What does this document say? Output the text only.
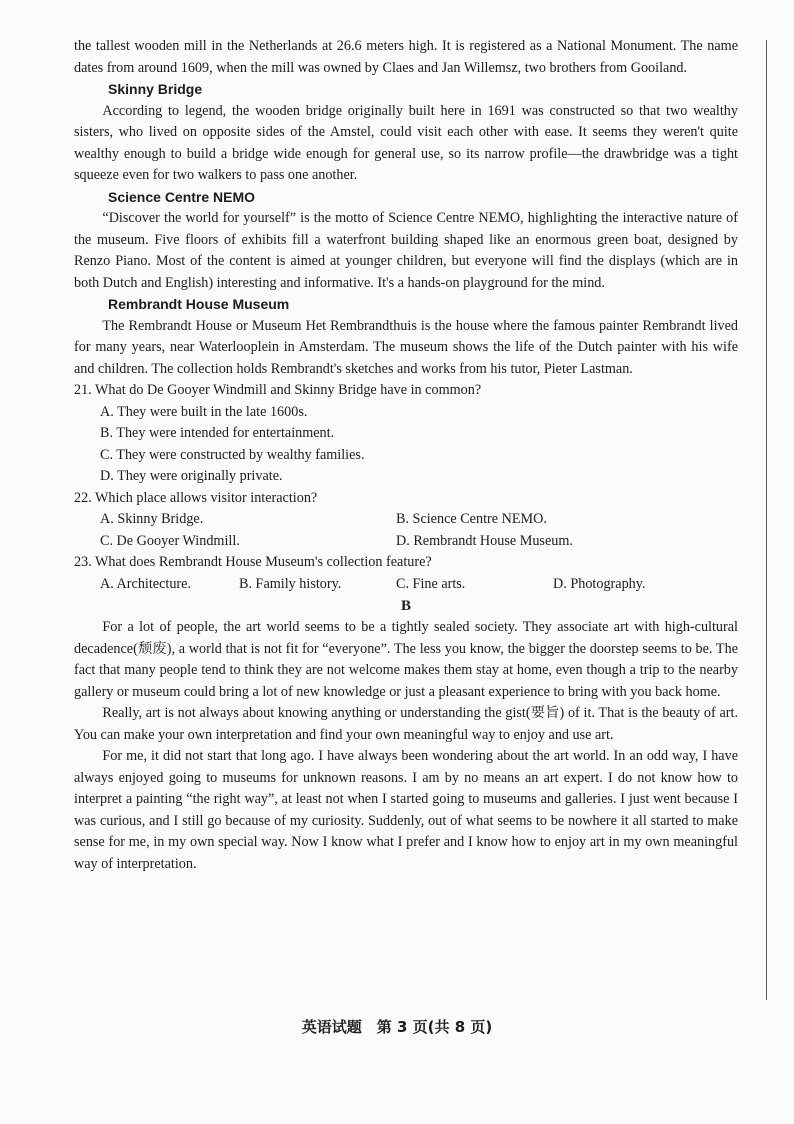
the tallest wooden mill in the Netherlands at 26.6 meters high. It is registered as a National Monument. The name dates from around 1609, when the mill was owned by Claes and Jan Willemsz, two brothers from Gooiland.

Skinny Bridge

According to legend, the wooden bridge originally built here in 1691 was constructed so that two wealthy sisters, who lived on opposite sides of the Amstel, could visit each other with ease. It seems they weren't quite wealthy enough to build a bridge wide enough for general use, so its narrow profile—the drawbridge was a tight squeeze even for two walkers to pass one another.

Science Centre NEMO

“Discover the world for yourself” is the motto of Science Centre NEMO, highlighting the interactive nature of the museum. Five floors of exhibits fill a waterfront building shaped like an enormous green boat, designed by Renzo Piano. Most of the content is aimed at younger children, but everyone will find the displays (which are in both Dutch and English) interesting and informative. It's a hands-on playground for the mind.

Rembrandt House Museum

The Rembrandt House or Museum Het Rembrandthuis is the house where the famous painter Rembrandt lived for many years, near Waterlooplein in Amsterdam. The museum shows the life of the Dutch painter with his wife and children. The collection holds Rembrandt's sketches and works from his tutor, Pieter Lastman.

21. What do De Gooyer Windmill and Skinny Bridge have in common?

A. They were built in the late 1600s.

B. They were intended for entertainment.

C. They were constructed by wealthy families.

D. They were originally private.

22. Which place allows visitor interaction?

A. Skinny Bridge.	B. Science Centre NEMO.
C. De Gooyer Windmill.	D. Rembrandt House Museum.

23. What does Rembrandt House Museum's collection feature?

A. Architecture.	B. Family history.	C. Fine arts.	D. Photography.

B

For a lot of people, the art world seems to be a tightly sealed society. They associate art with high-cultural decadence(颓废), a world that is not fit for “everyone”. The less you know, the bigger the doorstep seems to be. The fact that many people tend to think they are not welcome makes them stay at home, even though a trip to the nearby gallery or museum could bring a lot of new knowledge or just a pleasant experience to bring with you back home.

Really, art is not always about knowing anything or understanding the gist(要旨) of it. That is the beauty of art. You can make your own interpretation and find your own meaningful way to enjoy and use art.

For me, it did not start that long ago. I have always been wondering about the art world. In an odd way, I have always enjoyed going to museums for unknown reasons. I am by no means an art expert. I do not know how to interpret a painting “the right way”, at least not when I started going to museums and galleries. I just went because I was curious, and I still go because of my curiosity. Suddenly, out of what seems to be nowhere it all started to make sense for me, in my own special way. Now I know what I prefer and I know how to enjoy art in my own meaningful way of interpretation.

英语试题　第 3 页(共 8 页)
